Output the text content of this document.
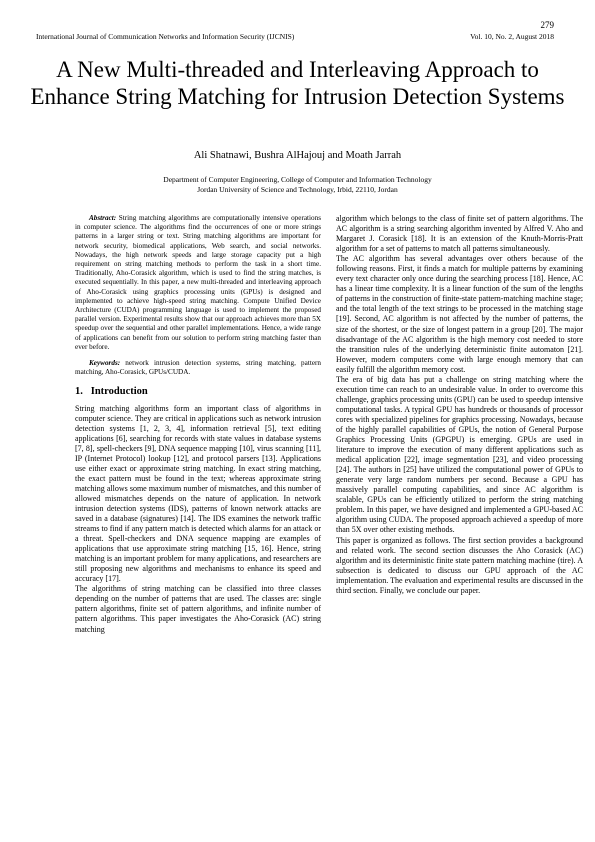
279
International Journal of Communication Networks and Information Security (IJCNIS)	Vol. 10, No. 2, August 2018
A New Multi-threaded and Interleaving Approach to Enhance String Matching for Intrusion Detection Systems
Ali Shatnawi, Bushra AlHajouj and Moath Jarrah
Department of Computer Engineering, College of Computer and Information Technology
Jordan University of Science and Technology, Irbid, 22110, Jordan

Abstract: String matching algorithms are computationally intensive operations in computer science. The algorithms find the occurrences of one or more strings patterns in a larger string or text. String matching algorithms are important for network security, biomedical applications, Web search, and social networks. Nowadays, the high network speeds and large storage capacity put a high requirement on string matching methods to perform the task in a short time. Traditionally, Aho-Corasick algorithm, which is used to find the string matches, is executed sequentially. In this paper, a new multi-threaded and interleaving approach of Aho-Corasick using graphics processing units (GPUs) is designed and implemented to achieve high-speed string matching. Compute Unified Device Architecture (CUDA) programming language is used to implement the proposed parallel version. Experimental results show that our approach achieves more than 5X speedup over the sequential and other parallel implementations. Hence, a wide range of applications can benefit from our solution to perform string matching faster than ever before.

Keywords: network intrusion detection systems, string matching, pattern matching, Aho-Corasick, GPUs/CUDA.

1. Introduction

String matching algorithms form an important class of algorithms in computer science. They are critical in applications such as network intrusion detection systems [1, 2, 3, 4], information retrieval [5], text editing applications [6], searching for records with state values in database systems [7, 8], spell-checkers [9], DNA sequence mapping [10], virus scanning [11], IP (Internet Protocol) lookup [12], and protocol parsers [13]. Applications use either exact or approximate string matching. In exact string matching, the exact pattern must be found in the text; whereas approximate string matching allows some maximum number of mismatches, and this number of allowed mismatches depends on the nature of application. In network intrusion detection systems (IDS), patterns of known network attacks are saved in a database (signatures) [14]. The IDS examines the network traffic streams to find if any pattern match is detected which alarms for an attack or a threat. Spell-checkers and DNA sequence mapping are examples of applications that use approximate string matching [15, 16]. Hence, string matching is an important problem for many applications, and researchers are still proposing new algorithms and mechanisms to enhance its speed and accuracy [17].

The algorithms of string matching can be classified into three classes depending on the number of patterns that are used. The classes are: single pattern algorithms, finite set of pattern algorithms, and infinite number of pattern algorithms. This paper investigates the Aho-Corasick (AC) string matching

algorithm which belongs to the class of finite set of pattern algorithms. The AC algorithm is a string searching algorithm invented by Alfred V. Aho and Margaret J. Corasick [18]. It is an extension of the Knuth-Morris-Pratt algorithm for a set of patterns to match all patterns simultaneously.

The AC algorithm has several advantages over others because of the following reasons. First, it finds a match for multiple patterns by examining every text character only once during the searching process [18]. Hence, AC has a linear time complexity. It is a linear function of the sum of the lengths of patterns in the construction of finite-state pattern-matching machine stage; and the total length of the text strings to be processed in the matching stage [19]. Second, AC algorithm is not affected by the number of patterns, the size of the shortest, or the size of longest pattern in a group [20]. The major disadvantage of the AC algorithm is the high memory cost needed to store the transition rules of the underlying deterministic finite automaton [21]. However, modern computers come with large enough memory that can easily fulfill the algorithm memory cost.

The era of big data has put a challenge on string matching where the execution time can reach to an undesirable value. In order to overcome this challenge, graphics processing units (GPU) can be used to speedup intensive computational tasks. A typical GPU has hundreds or thousands of processor cores with specialized pipelines for graphics processing. Nowadays, because of the highly parallel capabilities of GPUs, the notion of General Purpose Graphics Processing Units (GPGPU) is emerging. GPUs are used in literature to improve the execution of many different applications such as medical application [22], image segmentation [23], and video processing [24]. The authors in [25] have utilized the computational power of GPUs to generate very large random numbers per second. Because a GPU has massively parallel computing capabilities, and since AC algorithm is scalable, GPUs can be efficiently utilized to perform the string matching problem. In this paper, we have designed and implemented a GPU-based AC algorithm using CUDA. The proposed approach achieved a speedup of more than 5X over other existing methods.

This paper is organized as follows. The first section provides a background and related work. The second section discusses the Aho Corasick (AC) algorithm and its deterministic finite state pattern matching machine (tire). A subsection is dedicated to discuss our GPU approach of the AC implementation. The evaluation and experimental results are discussed in the third section. Finally, we conclude our paper.
